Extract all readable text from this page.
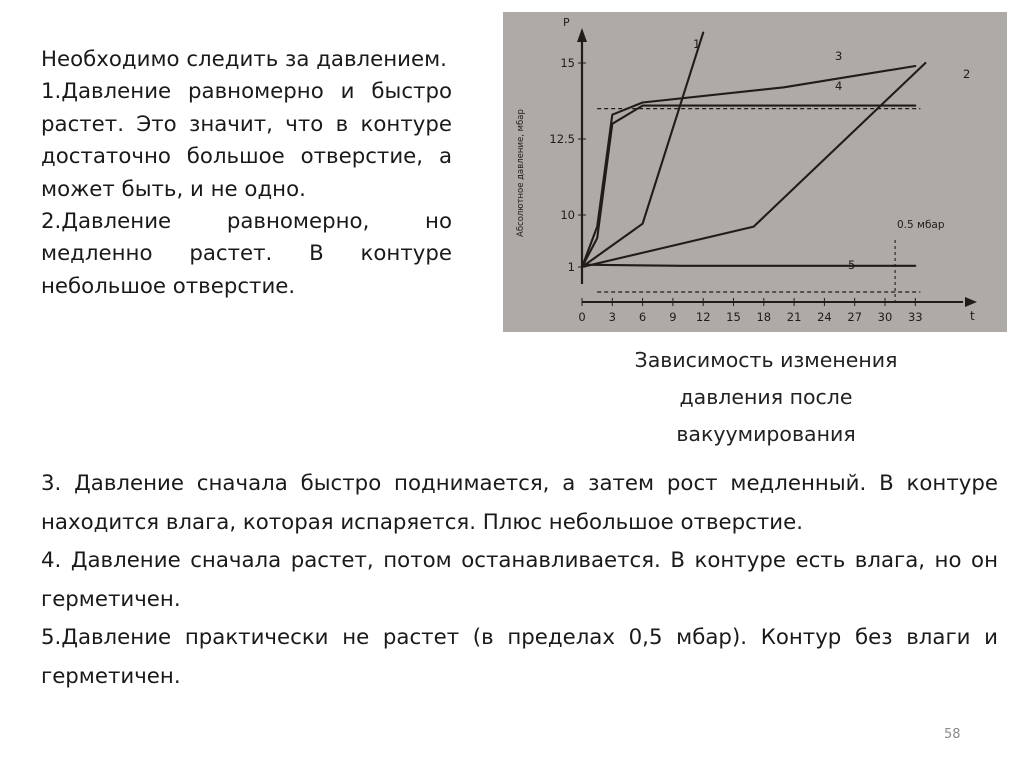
Необходимо следить за давлением.

1.Давление равномерно и быстро растет. Это значит, что в контуре достаточно большое отверстие, а может быть, и не одно.

2.Давление равномерно, но медленно растет. В контуре небольшое отверстие.

P
t
Абсолютное давление, мбар	0.5 мбар
0 3 6 9 12 15 18 21 24 27 30 33
15
12.5
10
1
1
2
3
4
5
Зависимость изменения
давления после
вакуумирования

3. Давление сначала быстро поднимается, а затем рост медленный. В контуре находится влага, которая испаряется. Плюс небольшое отверстие.

4. Давление сначала растет, потом останавливается. В контуре есть влага, но он герметичен.

5.Давление практически не растет (в пределах 0,5 мбар). Контур без влаги и герметичен.

58
